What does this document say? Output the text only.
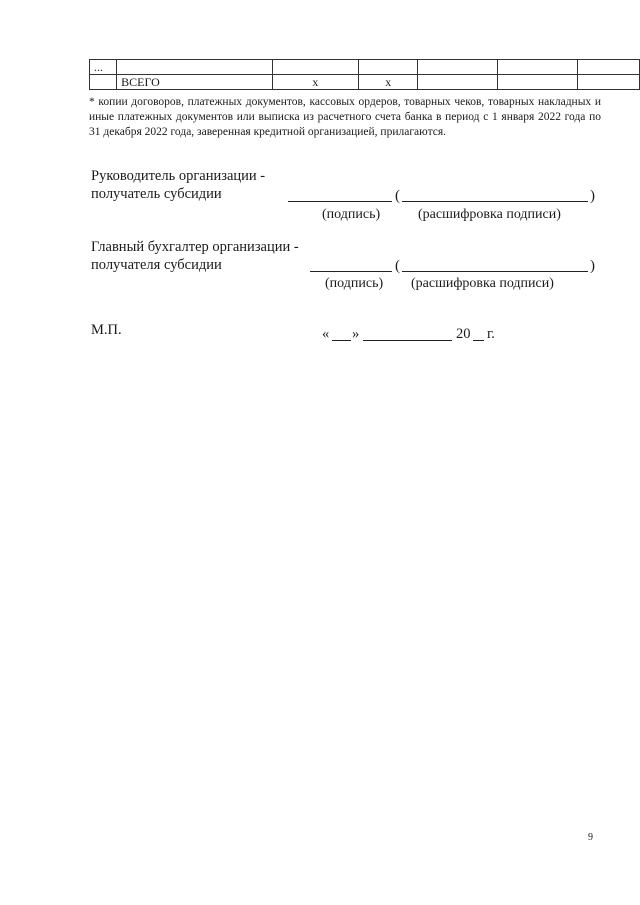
...						
	ВСЕГО	x	x			
* копии договоров, платежных документов, кассовых ордеров, товарных чеков, товарных накладных и иные платежных документов или выписка из расчетного счета банка в период с 1 января 2022 года по 31 декабря 2022 года, заверенная кредитной организацией, прилагаются.
Руководитель организации -
получатель субсидии	(	)
(подпись)	(расшифровка подписи)
Главный бухгалтер организации -
получателя субсидии	(	)
(подпись) (расшифровка подписи)
М.П.	« »	20 г.
9
